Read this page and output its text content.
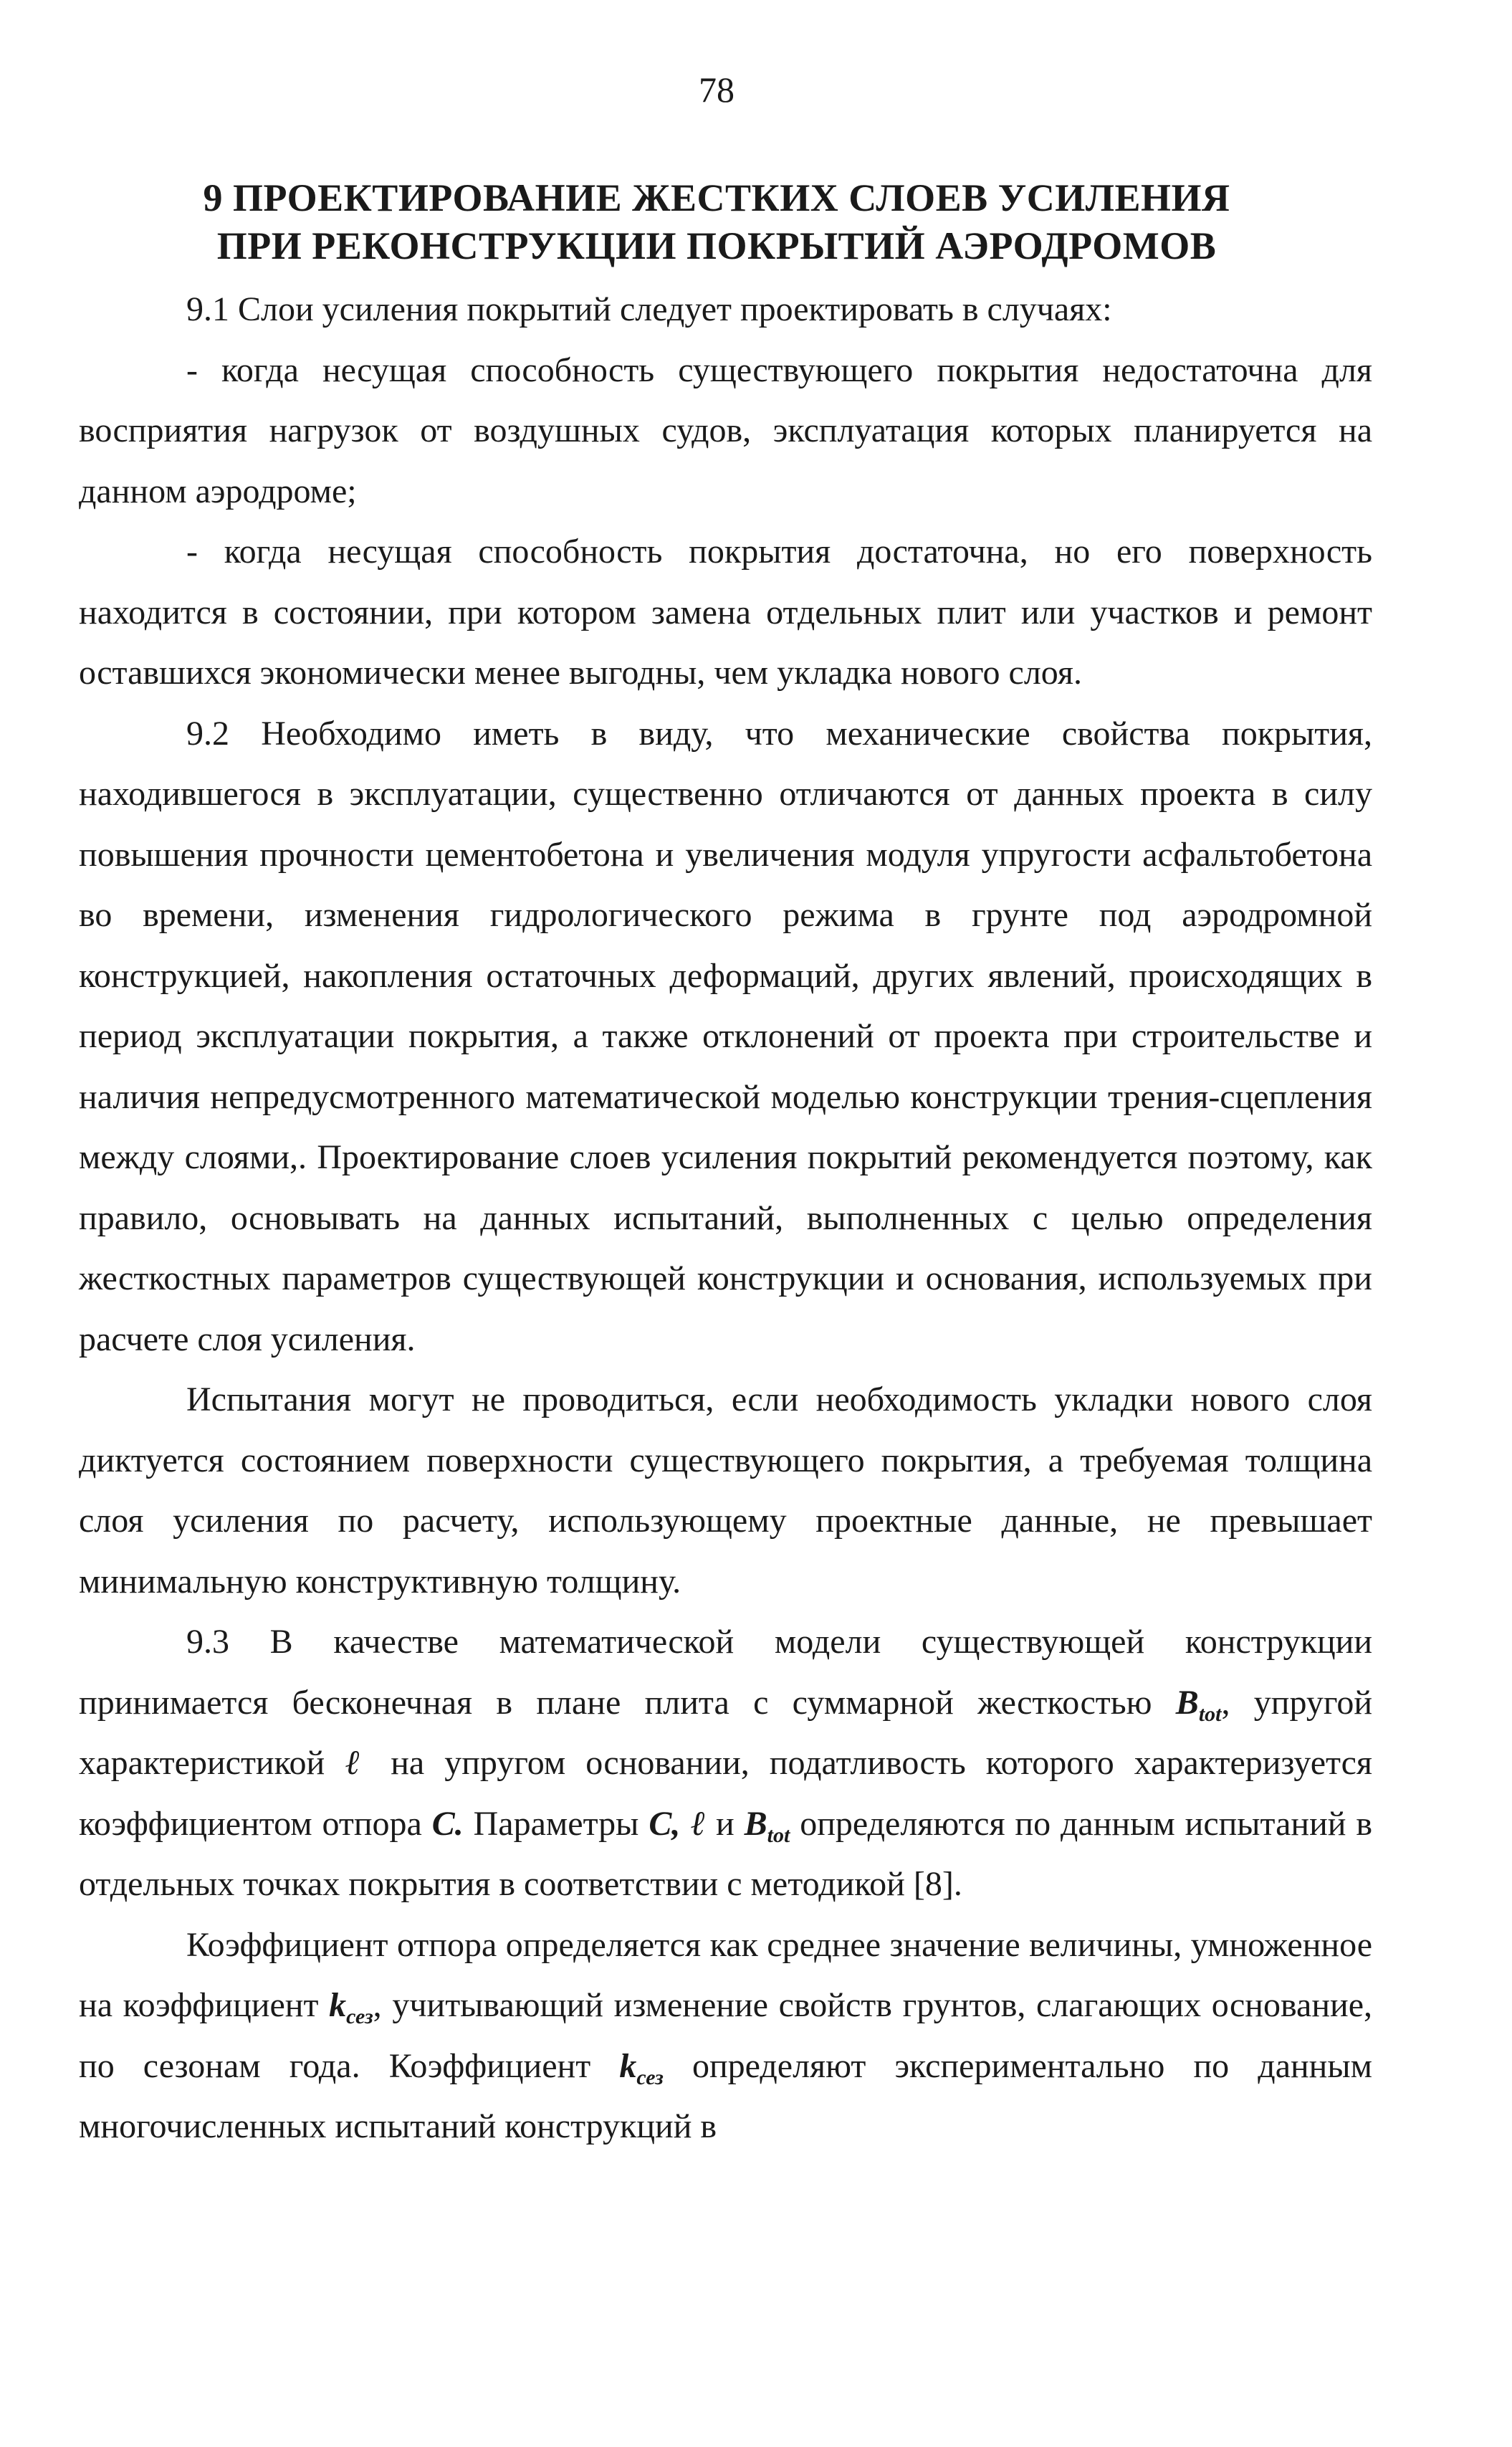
78
9 ПРОЕКТИРОВАНИЕ ЖЕСТКИХ СЛОЕВ УСИЛЕНИЯ
ПРИ РЕКОНСТРУКЦИИ ПОКРЫТИЙ АЭРОДРОМОВ

9.1 Слои усиления покрытий следует проектировать в случаях:

- когда несущая способность существующего покрытия недостаточна для восприятия нагрузок от воздушных судов, эксплуатация которых планируется на данном аэродроме;

- когда несущая способность покрытия достаточна, но его поверхность находится в состоянии, при котором замена отдельных плит или участков и ремонт оставшихся экономически менее выгодны, чем укладка нового слоя.

9.2 Необходимо иметь в виду, что механические свойства покрытия, находившегося в эксплуатации, существенно отличаются от данных проекта в силу повышения прочности цементобетона и увеличения модуля упругости асфальтобетона во времени, изменения гидрологического режима в грунте под аэродромной конструкцией, накопления остаточных деформаций, других явлений, происходящих в период эксплуатации покрытия, а также отклонений от проекта при строительстве и наличия непредусмотренного математической моделью конструкции трения-сцепления между слоями,. Проектирование слоев усиления покрытий рекомендуется поэтому, как правило, основывать на данных испытаний, выполненных с целью определения жесткостных параметров существующей конструкции и основания, используемых при расчете слоя усиления.

Испытания могут не проводиться, если необходимость укладки нового слоя диктуется состоянием поверхности существующего покрытия, а требуемая толщина слоя усиления по расчету, использующему проектные данные, не превышает минимальную конструктивную толщину.

9.3 В качестве математической модели существующей конструкции принимается бесконечная в плане плита с суммарной жесткостью $B_{tot}$, упругой характеристикой ℓ на упругом основании, податливость которого характеризуется коэффициентом отпора C. Параметры C, ℓ и $B_{tot}$ определяются по данным испытаний в отдельных точках покрытия в соответствии с методикой [8].

Коэффициент отпора определяется как среднее значение величины, умноженное на коэффициент $k_{сез}$, учитывающий изменение свойств грунтов, слагающих основание, по сезонам года. Коэффициент $k_{сез}$ определяют экспериментально по данным многочисленных испытаний конструкций в
